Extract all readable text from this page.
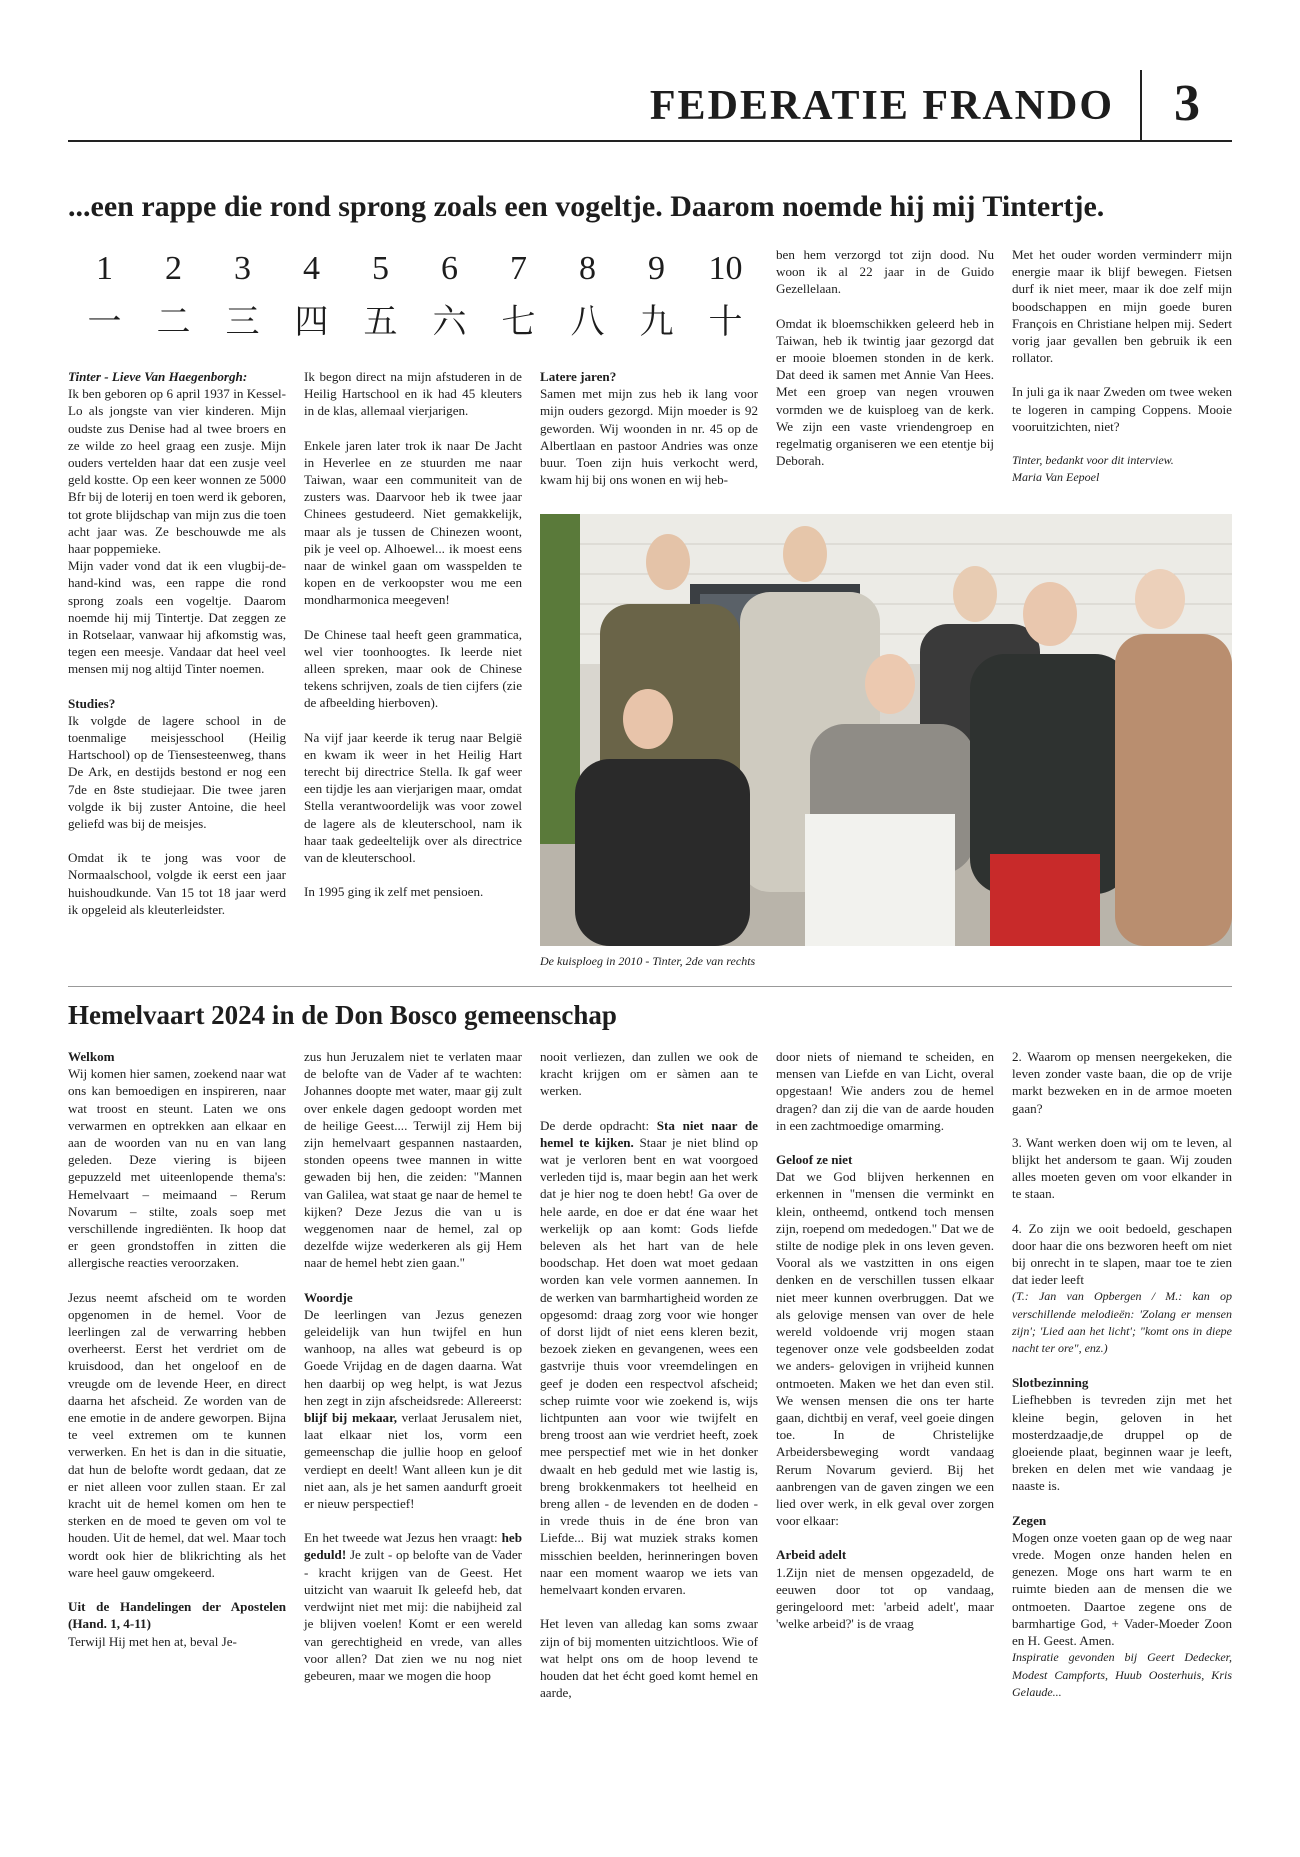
FEDERATIE FRANDO 3
...een rappe die rond sprong zoals een vogeltje. Daarom noemde hij mij Tintertje.
1	2	3	4	5	6	7	8	9	10
一	二	三	四	五	六	七	八	九	十

Tinter - Lieve Van Haegenborgh:

Ik ben geboren op 6 april 1937 in Kessel-Lo als jongste van vier kinderen. Mijn oudste zus Denise had al twee broers en ze wilde zo heel graag een zusje. Mijn ouders vertelden haar dat een zusje veel geld kostte. Op een keer wonnen ze 5000 Bfr bij de loterij en toen werd ik geboren, tot grote blijdschap van mijn zus die toen acht jaar was. Ze beschouwde me als haar poppemiekе.

Mijn vader vond dat ik een vlugbij-de-hand-kind was, een rappe die rond sprong zoals een vogeltje. Daarom noemde hij mij Tintertje. Dat zeggen ze in Rotselaar, vanwaar hij afkomstig was, tegen een meesje. Vandaar dat heel veel mensen mij nog altijd Tinter noemen.

Studies?

Ik volgde de lagere school in de toenmalige meisjesschool (Heilig Hartschool) op de Tiensesteenweg, thans De Ark, en destijds bestond er nog een 7de en 8ste studiejaar. Die twee jaren volgde ik bij zuster Antoine, die heel geliefd was bij de meisjes.

Omdat ik te jong was voor de Normaalschool, volgde ik eerst een jaar huishoudkunde. Van 15 tot 18 jaar werd ik opgeleid als kleuterleidster.

Ik begon direct na mijn afstuderen in de Heilig Hartschool en ik had 45 kleuters in de klas, allemaal vierjarigen.

Enkele jaren later trok ik naar De Jacht in Heverlee en ze stuurden me naar Taiwan, waar een communiteit van de zusters was. Daarvoor heb ik twee jaar Chinees gestudeerd. Niet gemakkelijk, maar als je tussen de Chinezen woont, pik je veel op. Alhoewel... ik moest eens naar de winkel gaan om wasspelden te kopen en de verkoopster wou me een mondharmonica meegeven!

De Chinese taal heeft geen grammatica, wel vier toonhoogtes. Ik leerde niet alleen spreken, maar ook de Chinese tekens schrijven, zoals de tien cijfers (zie de afbeelding hierboven).

Na vijf jaar keerde ik terug naar België en kwam ik weer in het Heilig Hart terecht bij directrice Stella. Ik gaf weer een tijdje les aan vierjarigen maar, omdat Stella verantwoordelijk was voor zowel de lagere als de kleuterschool, nam ik haar taak gedeeltelijk over als directrice van de kleuterschool.

In 1995 ging ik zelf met pensioen.

Latere jaren?

Samen met mijn zus heb ik lang voor mijn ouders gezorgd. Mijn moeder is 92 geworden. Wij woonden in nr. 45 op de Albertlaan en pastoor Andries was onze buur. Toen zijn huis verkocht werd, kwam hij bij ons wonen en wij heb-

ben hem verzorgd tot zijn dood. Nu woon ik al 22 jaar in de Guido Gezellelaan.

Omdat ik bloemschikken geleerd heb in Taiwan, heb ik twintig jaar gezorgd dat er mooie bloemen stonden in de kerk. Dat deed ik samen met Annie Van Hees. Met een groep van negen vrouwen vormden we de kuisploeg van de kerk. We zijn een vaste vriendengroep en regelmatig organiseren we een etentje bij Deborah.

Met het ouder worden verminderт mijn energie maar ik blijf bewegen. Fietsen durf ik niet meer, maar ik doe zelf mijn boodschappen en mijn goede buren François en Christiane helpen mij. Sedert vorig jaar gevallen ben gebruik ik een rollator.

In juli ga ik naar Zweden om twee weken te logeren in camping Coppens. Mooie vooruitzichten, niet?

Tinter, bedankt voor dit interview.

Maria Van Eepoel

De kuisploeg in 2010 - Tinter, 2de van rechts
Hemelvaart 2024 in de Don Bosco gemeenschap
Welkom

Wij komen hier samen, zoekend naar wat ons kan bemoedigen en inspireren, naar wat troost en steunt. Laten we ons verwarmen en optrekken aan elkaar en aan de woorden van nu en van lang geleden. Deze viering is bijeen gepuzzeld met uiteenlopende thema's: Hemelvaart – meimaand – Rerum Novarum – stilte, zoals soep met verschillende ingrediënten. Ik hoop dat er geen grondstoffen in zitten die allergische reacties veroorzaken.

Jezus neemt afscheid om te worden opgenomen in de hemel. Voor de leerlingen zal de verwarring hebben overheerst. Eerst het verdriet om de kruisdood, dan het ongeloof en de vreugde om de levende Heer, en direct daarna het afscheid. Ze worden van de ene emotie in de andere geworpen. Bijna te veel extremen om te kunnen verwerken. En het is dan in die situatie, dat hun de belofte wordt gedaan, dat ze er niet alleen voor zullen staan. Er zal kracht uit de hemel komen om hen te sterken en de moed te geven om vol te houden. Uit de hemel, dat wel. Maar toch wordt ook hier de blikrichting als het ware heel gauw omgekeerd.

Uit de Handelingen der Apostelen (Hand. 1, 4-11)

Terwijl Hij met hen at, beval Je-

zus hun Jeruzalem niet te verlaten maar de belofte van de Vader af te wachten: Johannes doopte met water, maar gij zult over enkele dagen gedoopt worden met de heilige Geest.... Terwijl zij Hem bij zijn hemelvaart gespannen nastaarden, stonden opeens twee mannen in witte gewaden bij hen, die zeiden: "Mannen van Galilea, wat staat ge naar de hemel te kijken? Deze Jezus die van u is weggenomen naar de hemel, zal op dezelfde wijze wederkeren als gij Hem naar de hemel hebt zien gaan."

Woordje

De leerlingen van Jezus genezen geleidelijk van hun twijfel en hun wanhoop, na alles wat gebeurd is op Goede Vrijdag en de dagen daarna. Wat hen daarbij op weg helpt, is wat Jezus hen zegt in zijn afscheidsrede: Allereerst: blijf bij mekaar, verlaat Jerusalem niet, laat elkaar niet los, vorm een gemeenschap die jullie hoop en geloof verdiept en deelt! Want alleen kun je dit niet aan, als je het samen aandurft groeit er nieuw perspectief!

En het tweede wat Jezus hen vraagt: heb geduld! Je zult - op belofte van de Vader - kracht krijgen van de Geest. Het uitzicht van waaruit Ik geleefd heb, dat verdwijnt niet met mij: die nabijheid zal je blijven voelen! Komt er een wereld van gerechtigheid en vrede, van alles voor allen? Dat zien we nu nog niet gebeuren, maar we mogen die hoop

nooit verliezen, dan zullen we ook de kracht krijgen om er sàmen aan te werken.

De derde opdracht: Sta niet naar de hemel te kijken. Staar je niet blind op wat je verloren bent en wat voorgoed verleden tijd is, maar begin aan het werk dat je hier nog te doen hebt! Ga over de hele aarde, en doe er dat éne waar het werkelijk op aan komt: Gods liefde beleven als het hart van de hele boodschap. Het doen wat moet gedaan worden kan vele vormen aannemen. In de werken van barmhartigheid worden ze opgesomd: draag zorg voor wie honger of dorst lijdt of niet eens kleren bezit, bezoek zieken en gevangenen, wees een gastvrije thuis voor vreemdelingen en geef je doden een respectvol afscheid; schep ruimte voor wie zoekend is, wijs lichtpunten aan voor wie twijfelt en breng troost aan wie verdriet heeft, zoek mee perspectief met wie in het donker dwaalt en heb geduld met wie lastig is, breng brokkenmakers tot heelheid en breng allen - de levenden en de doden - in vrede thuis in de éne bron van Liefde... Bij wat muziek straks komen misschien beelden, herinneringen boven naar een moment waarop we iets van hemelvaart konden ervaren.

Het leven van alledag kan soms zwaar zijn of bij momenten uitzichtloos. Wie of wat helpt ons om de hoop levend te houden dat het écht goed komt hemel en aarde,

door niets of niemand te scheiden, en mensen van Liefde en van Licht, overal opgestaan! Wie anders zou de hemel dragen? dan zij die van de aarde houden in een zachtmoedige omarming.

Geloof ze niet

Dat we God blijven herkennen en erkennen in "mensen die verminkt en klein, ontheemd, ontkend toch mensen zijn, roepend om mededogen." Dat we de stilte de nodige plek in ons leven geven. Vooral als we vastzitten in ons eigen denken en de verschillen tussen elkaar niet meer kunnen overbruggen. Dat we als gelovige mensen van over de hele wereld voldoende vrij mogen staan tegenover onze vele godsbeelden zodat we anders- gelovigen in vrijheid kunnen ontmoeten. Maken we het dan even stil. We wensen mensen die ons ter harte gaan, dichtbij en veraf, veel goeie dingen toe. In de Christelijke Arbeidersbeweging wordt vandaag Rerum Novarum gevierd. Bij het aanbrengen van de gaven zingen we een lied over werk, in elk geval over zorgen voor elkaar:

Arbeid adelt

1.Zijn niet de mensen opgezadeld, de eeuwen door tot op vandaag, geringeloord met: 'arbeid adelt', maar 'welke arbeid?' is de vraag

2. Waarom op mensen neergekeken, die leven zonder vaste baan, die op de vrije markt bezweken en in de armoe moeten gaan?

3. Want werken doen wij om te leven, al blijkt het andersom te gaan. Wij zouden alles moeten geven om voor elkander in te staan.

4. Zo zijn we ooit bedoeld, geschapen door haar die ons bezworen heeft om niet bij onrecht in te slapen, maar toe te zien dat ieder leeft

(T.: Jan van Opbergen / M.: kan op verschillende melodieën: 'Zolang er mensen zijn'; 'Lied aan het licht'; "komt ons in diepe nacht ter ore", enz.)

Slotbezinning

Liefhebben is tevreden zijn met het kleine begin, geloven in het mosterdzaadje,de druppel op de gloeiende plaat, beginnen waar je leeft, breken en delen met wie vandaag je naaste is.

Zegen

Mogen onze voeten gaan op de weg naar vrede. Mogen onze handen helen en genezen. Moge ons hart warm te en ruimte bieden aan de mensen die we ontmoeten. Daartoe zegene ons de barmhartige God, + Vader-Moeder Zoon en H. Geest. Amen.

Inspiratie gevonden bij Geert Dedecker, Modest Campforts, Huub Oosterhuis, Kris Gelaude...
